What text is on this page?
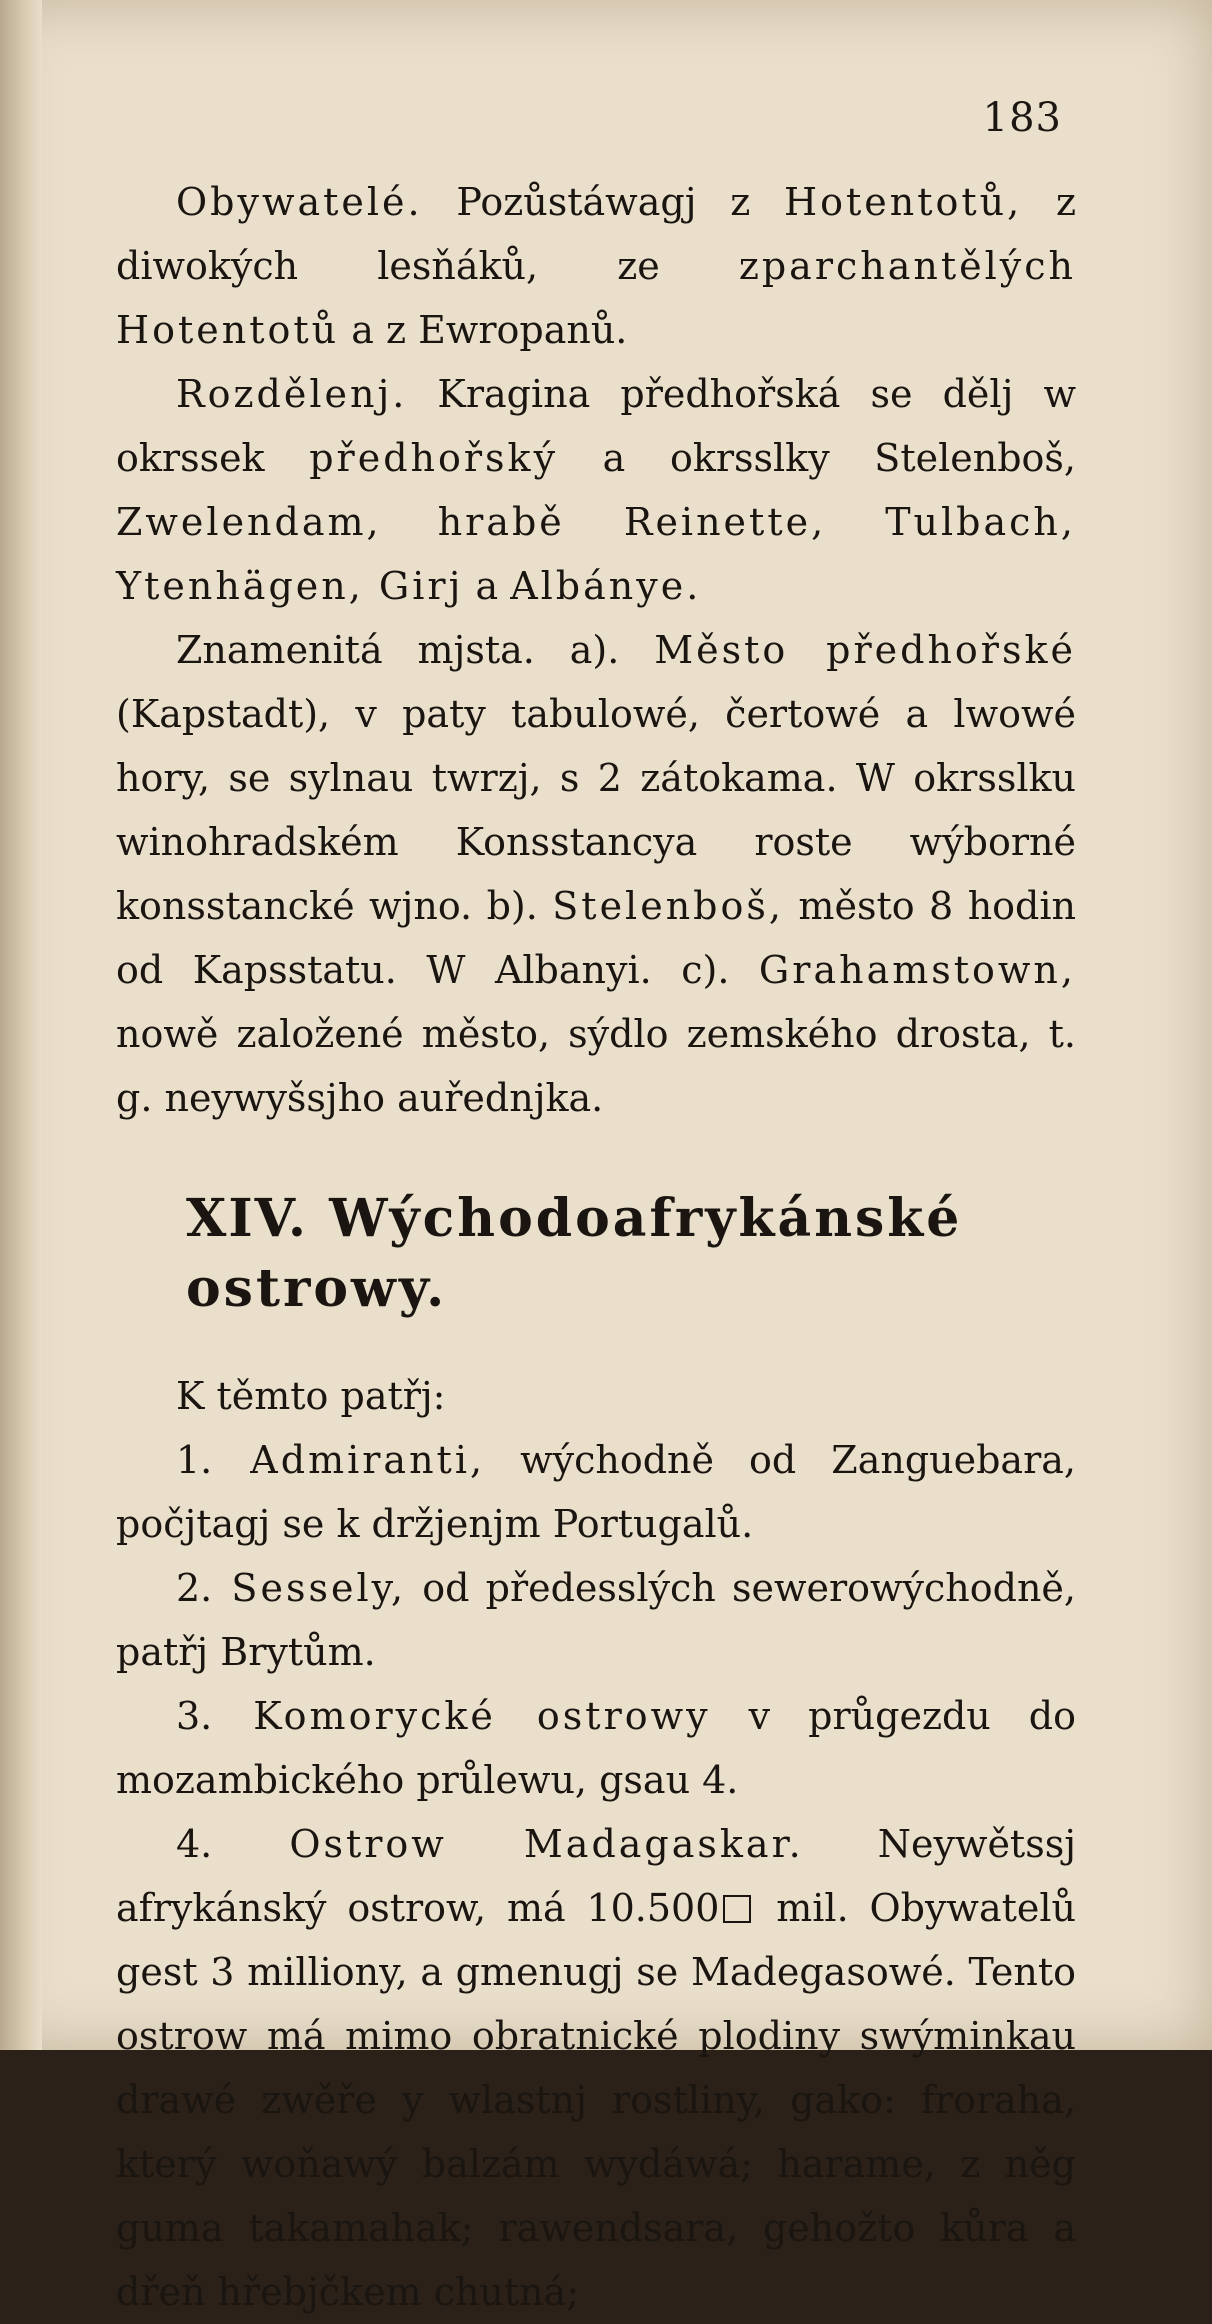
183

Obywatelé. Pozůstáwagj z Hotentotů, z diwokých lesňáků, ze zparchantělých Hotentotů a z Ewropanů.

Rozdělenj. Kragina předhořská se dělj w okrssek předhořský a okrsslky Stelenboš, Zwelendam, hrabě Reinette, Tulbach, Ytenhägen, Girj a Albánye.

Znamenitá mjsta. a). Město předhořské (Kapstadt), v paty tabulowé, čertowé a lwowé hory, se sylnau twrzj, s 2 zátokama. W okrsslku winohradském Konsstancya roste wýborné konsstancké wjno. b). Stelenboš, město 8 hodin od Kapsstatu. W Albanyi. c). Grahamstown, nowě založené město, sýdlo zemského drosta, t. g. neywyšsjho auřednjka.

XIV. Wýchodoafrykánské ostrowy.

K těmto patřj:

1. Admiranti, wýchodně od Zanguebara, počjtagj se k držjenjm Portugalů.

2. Sessely, od předesslých sewerowýchodně, patřj Brytům.

3. Komorycké ostrowy v průgezdu do mozambického průlewu, gsau 4.

4. Ostrow Madagaskar. Neywětssj afrykánský ostrow, má 10.500 mil. Obywatelů gest 3 milliony, a gmenugj se Madegasowé. Tento ostrow má mimo obratnické plodiny swýminkau drawé zwěře y wlastnj rostliny, gako: froraha, který woňawý balzám wydáwá; harame, z něg guma takamahak; rawendsara, gehožto kůra a dřeň hřebjčkem chutná;
